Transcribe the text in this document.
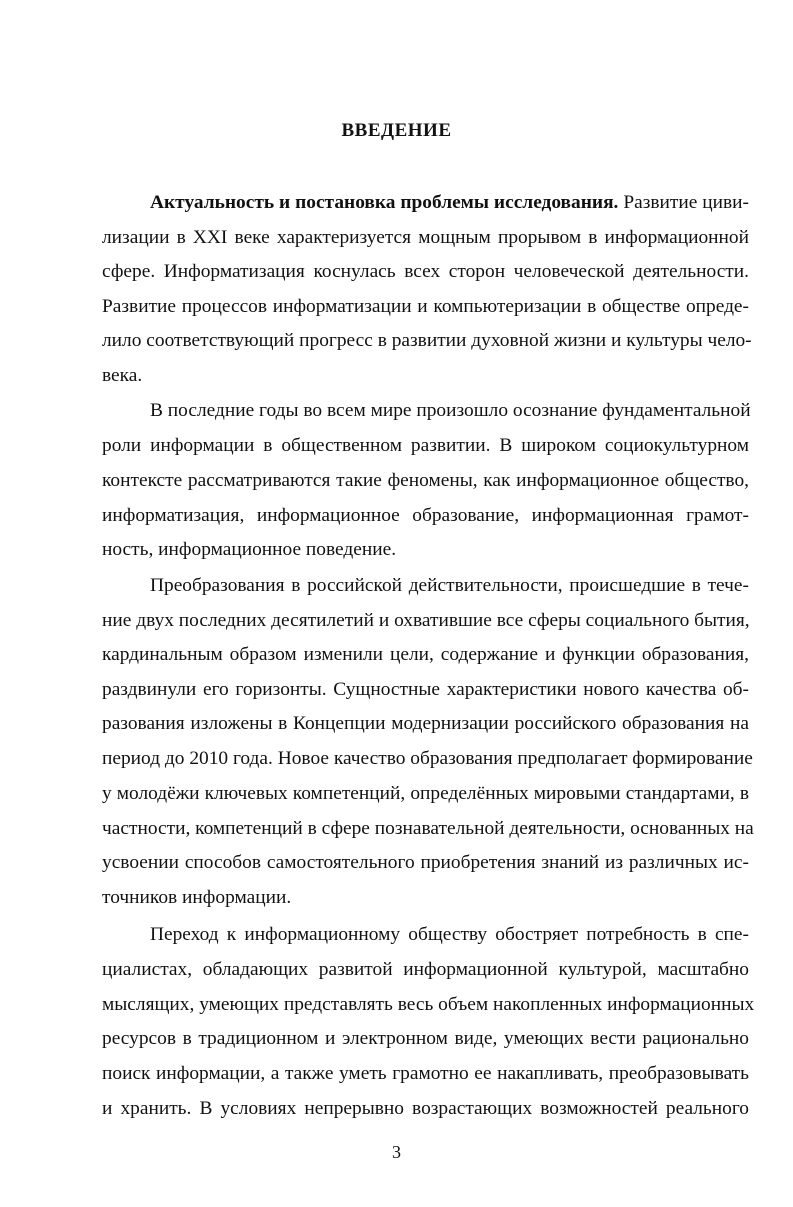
ВВЕДЕНИЕ
Актуальность и постановка проблемы исследования. Развитие циви-
лизации в XXI веке характеризуется мощным прорывом в информационной
сфере. Информатизация коснулась всех сторон человеческой деятельности.
Развитие процессов информатизации и компьютеризации в обществе опреде-
лило соответствующий прогресс в развитии духовной жизни и культуры чело-
века.
В последние годы во всем мире произошло осознание фундаментальной
роли информации в общественном развитии. В широком социокультурном
контексте рассматриваются такие феномены, как информационное общество,
информатизация, информационное образование, информационная грамот-
ность, информационное поведение.
Преобразования в российской действительности, происшедшие в тече-
ние двух последних десятилетий и охватившие все сферы социального бытия,
кардинальным образом изменили цели, содержание и функции образования,
раздвинули его горизонты. Сущностные характеристики нового качества об-
разования изложены в Концепции модернизации российского образования на
период до 2010 года. Новое качество образования предполагает формирование
у молодёжи ключевых компетенций, определённых мировыми стандартами, в
частности, компетенций в сфере познавательной деятельности, основанных на
усвоении способов самостоятельного приобретения знаний из различных ис-
точников информации.
Переход к информационному обществу обостряет потребность в спе-
циалистах, обладающих развитой информационной культурой, масштабно
мыслящих, умеющих представлять весь объем накопленных информационных
ресурсов в традиционном и электронном виде, умеющих вести рационально
поиск информации, а также уметь грамотно ее накапливать, преобразовывать
и хранить. В условиях непрерывно возрастающих возможностей реального
3
